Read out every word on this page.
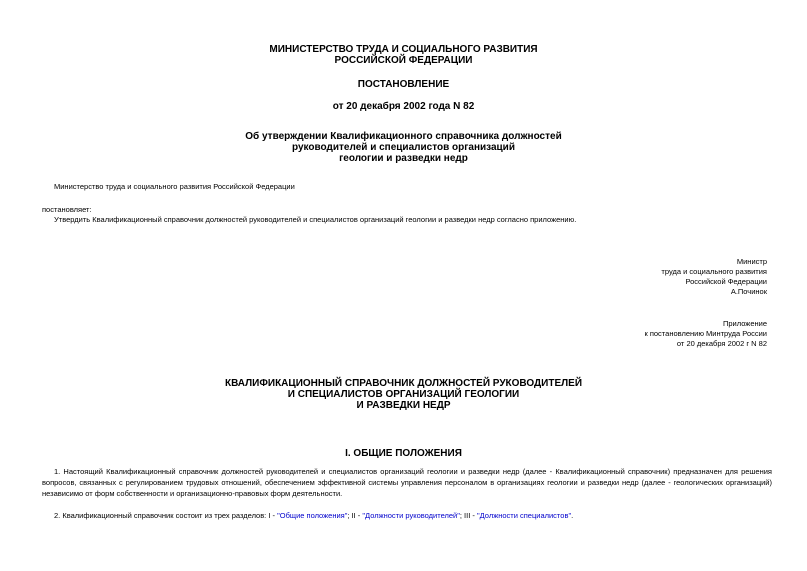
МИНИСТЕРСТВО ТРУДА И СОЦИАЛЬНОГО РАЗВИТИЯ
РОССИЙСКОЙ ФЕДЕРАЦИИ
ПОСТАНОВЛЕНИЕ
от 20 декабря 2002 года N 82
Об утверждении Квалификационного справочника должностей
руководителей и специалистов организаций
геологии и разведки недр
Министерство труда и социального развития Российской Федерации
постановляет:
Утвердить Квалификационный справочник должностей руководителей и специалистов организаций геологии и разведки недр согласно приложению.
Министр
труда и социального развития
Российской Федерации
А.Починок
Приложение
к постановлению Минтруда России
от 20 декабря 2002 г N 82
КВАЛИФИКАЦИОННЫЙ СПРАВОЧНИК ДОЛЖНОСТЕЙ РУКОВОДИТЕЛЕЙ
И СПЕЦИАЛИСТОВ ОРГАНИЗАЦИЙ ГЕОЛОГИИ
И РАЗВЕДКИ НЕДР
I. ОБЩИЕ ПОЛОЖЕНИЯ
1. Настоящий Квалификационный справочник должностей руководителей и специалистов организаций геологии и разведки недр (далее - Квалификационный справочник) предназначен для решения вопросов, связанных с регулированием трудовых отношений, обеспечением эффективной системы управления персоналом в организациях геологии и разведки недр (далее - геологических организаций) независимо от форм собственности и организационно-правовых форм деятельности.
2. Квалификационный справочник состоит из трех разделов: I - "Общие положения"; II - "Должности руководителей"; III - "Должности специалистов".
